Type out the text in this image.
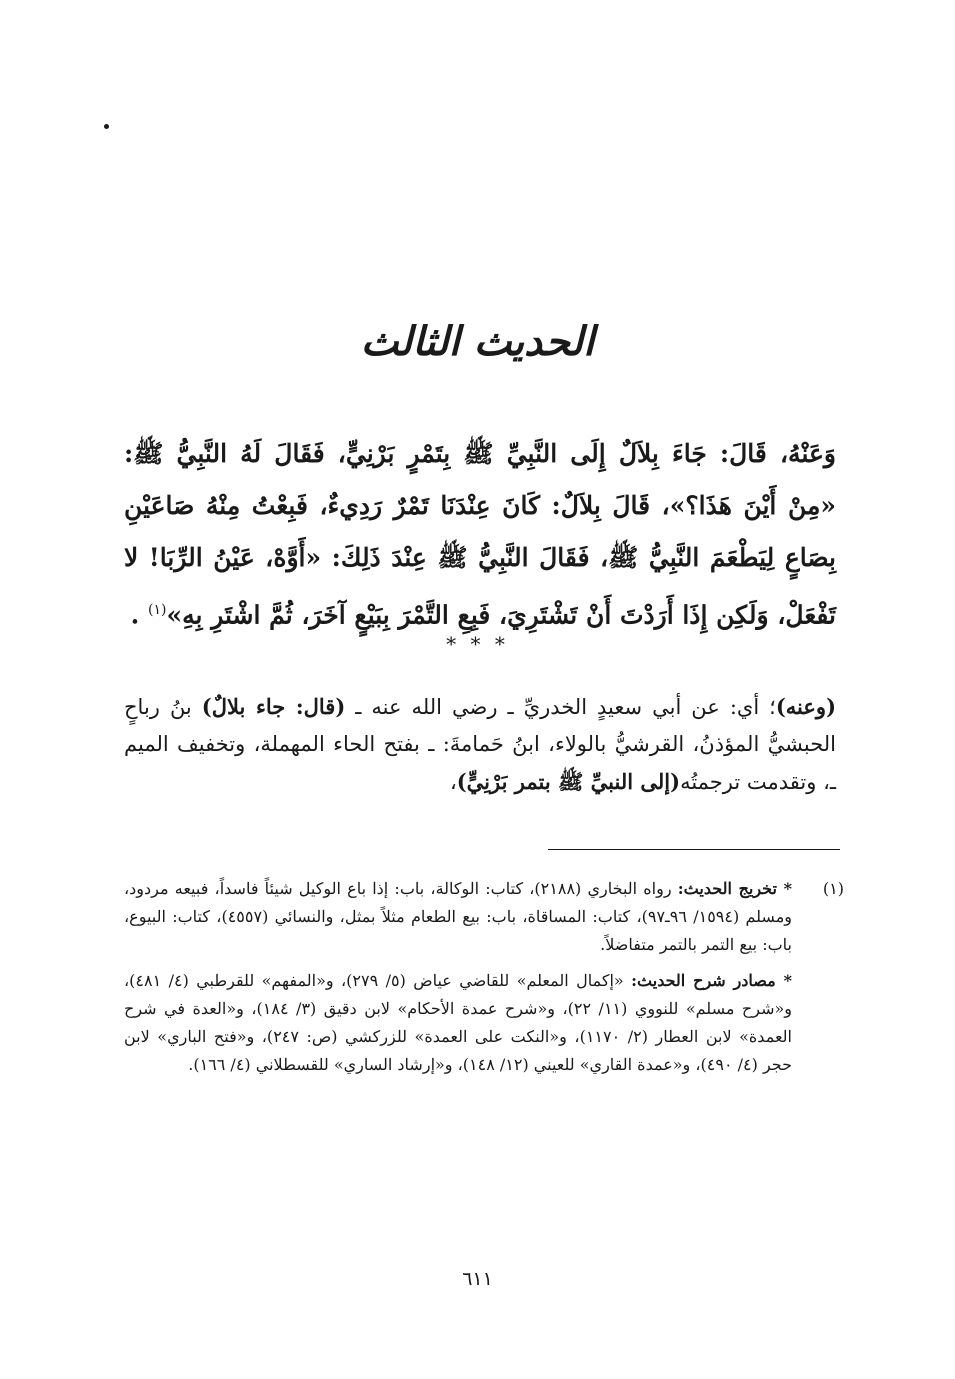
الحديث الثالث

وَعَنْهُ، قَالَ: جَاءَ بِلاَلٌ إِلَى النَّبِيِّ ﷺ بِتَمْرٍ بَرْنِيٍّ، فَقَالَ لَهُ النَّبِيُّ ﷺ: «مِنْ أَيْنَ هَذَا؟»، قَالَ بِلاَلٌ: كَانَ عِنْدَنَا تَمْرٌ رَدِيءٌ، فَبِعْتُ مِنْهُ صَاعَيْنِ بِصَاعٍ لِيَطْعَمَ النَّبِيُّ ﷺ، فَقَالَ النَّبِيُّ ﷺ عِنْدَ ذَلِكَ: «أَوَّهْ، عَيْنُ الرِّبَا! لا تَفْعَلْ، وَلَكِن إِذَا أَرَدْتَ أَنْ تَشْتَرِيَ، فَبِعِ التَّمْرَ بِبَيْعٍ آخَرَ، ثُمَّ اشْتَرِ بِهِ»$^{(١)}$ .

* * *

(وعنه)؛ أي: عن أبي سعيدٍ الخدريِّ ـ رضي الله عنه ـ (قال: جاء بلالٌ) بنُ رباحٍ الحبشيُّ المؤذنُ، القرشيُّ بالولاء، ابنُ حَمامةَ: ـ بفتح الحاء المهملة، وتخفيف الميم ـ، وتقدمت ترجمتُه(إلى النبيِّ ﷺ بتمر بَرْنِيٍّ)،

(١)
* تخريج الحديث: رواه البخاري (٢١٨٨)، كتاب: الوكالة، باب: إذا باع الوكيل شيئاً فاسداً، فبيعه مردود، ومسلم (١٥٩٤/ ٩٦ـ٩٧)، كتاب: المساقاة، باب: بيع الطعام مثلاً بمثل، والنسائي (٤٥٥٧)، كتاب: البيوع، باب: بيع التمر بالتمر متفاضلاً.

* مصادر شرح الحديث: «إكمال المعلم» للقاضي عياض (٥/ ٢٧٩)، و«المفهم» للقرطبي (٤/ ٤٨١)، و«شرح مسلم» للنووي (١١/ ٢٢)، و«شرح عمدة الأحكام» لابن دقيق (٣/ ١٨٤)، و«العدة في شرح العمدة» لابن العطار (٢/ ١١٧٠)، و«النكت على العمدة» للزركشي (ص: ٢٤٧)، و«فتح الباري» لابن حجر (٤/ ٤٩٠)، و«عمدة القاري» للعيني (١٢/ ١٤٨)، و«إرشاد الساري» للقسطلاني (٤/ ١٦٦).

٦١١
